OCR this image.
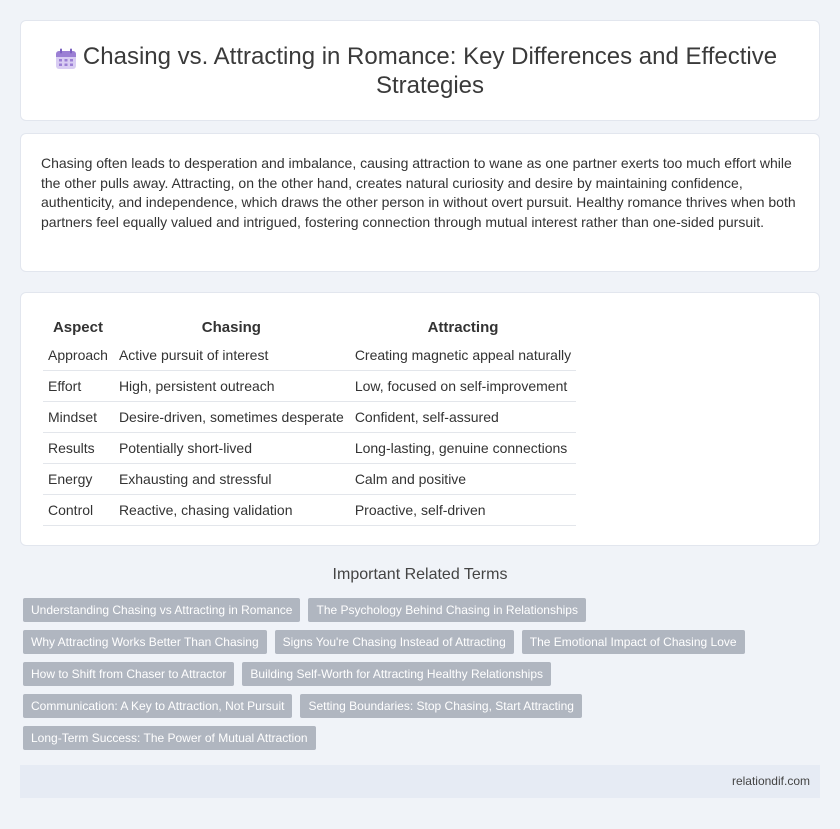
Chasing vs. Attracting in Romance: Key Differences and Effective Strategies
Chasing often leads to desperation and imbalance, causing attraction to wane as one partner exerts too much effort while the other pulls away. Attracting, on the other hand, creates natural curiosity and desire by maintaining confidence, authenticity, and independence, which draws the other person in without overt pursuit. Healthy romance thrives when both partners feel equally valued and intrigued, fostering connection through mutual interest rather than one-sided pursuit.
Aspect	Chasing	Attracting
Approach	Active pursuit of interest	Creating magnetic appeal naturally
Effort	High, persistent outreach	Low, focused on self-improvement
Mindset	Desire-driven, sometimes desperate	Confident, self-assured
Results	Potentially short-lived	Long-lasting, genuine connections
Energy	Exhausting and stressful	Calm and positive
Control	Reactive, chasing validation	Proactive, self-driven
Important Related Terms
Understanding Chasing vs Attracting in Romance	The Psychology Behind Chasing in Relationships
Why Attracting Works Better Than Chasing	Signs You're Chasing Instead of Attracting	The Emotional Impact of Chasing Love
How to Shift from Chaser to Attractor	Building Self-Worth for Attracting Healthy Relationships
Communication: A Key to Attraction, Not Pursuit	Setting Boundaries: Stop Chasing, Start Attracting
Long-Term Success: The Power of Mutual Attraction
relationdif.com
